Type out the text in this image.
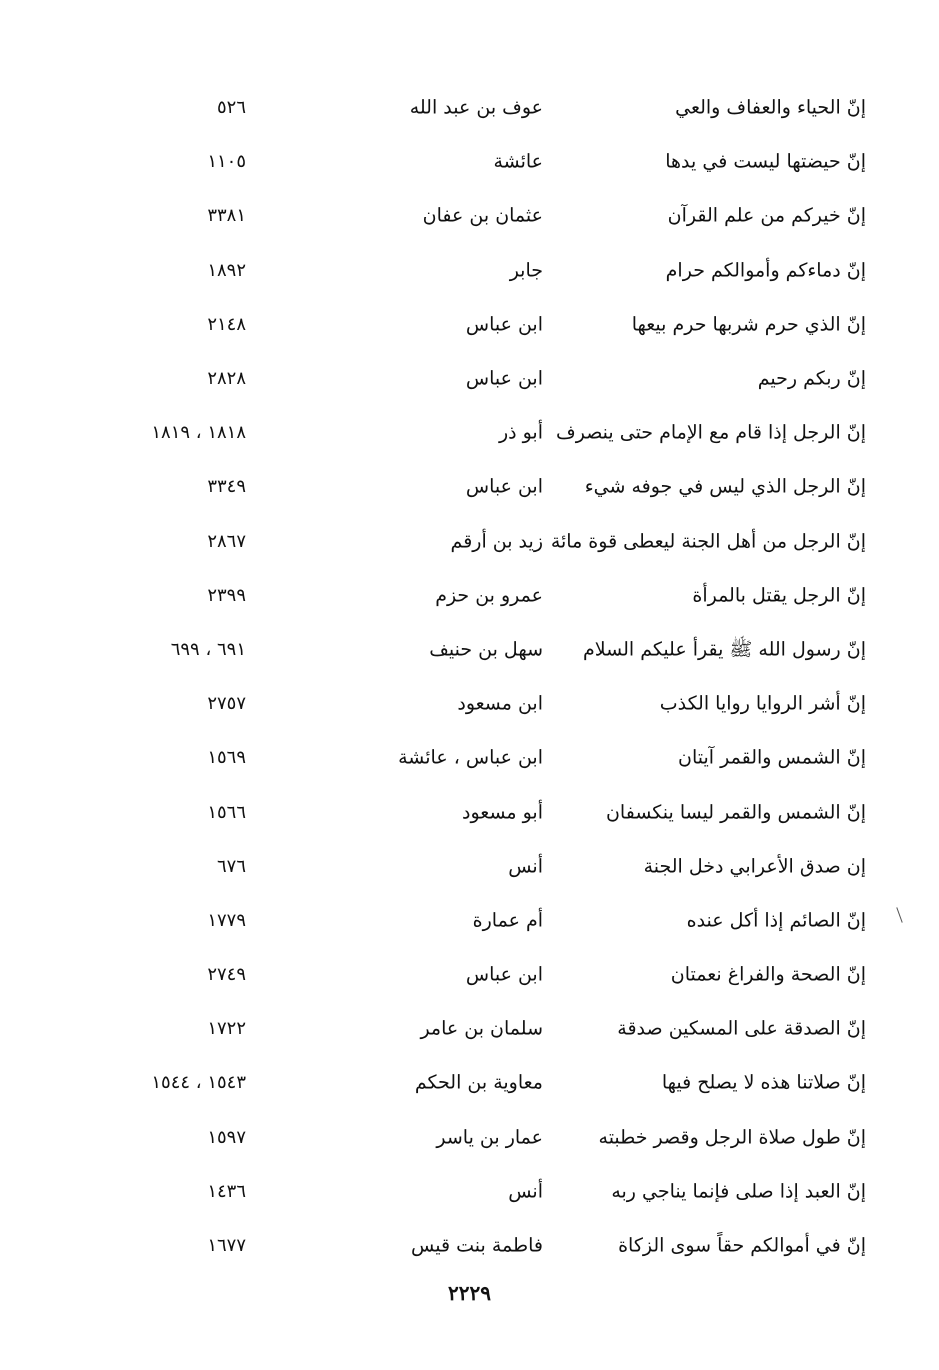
إنّ الحياء والعفاف والعي
عوف بن عبد الله
٥٢٦
إنّ حيضتها ليست في يدها
عائشة
١١٠٥
إنّ خيركم من علم القرآن
عثمان بن عفان
٣٣٨١
إنّ دماءكم وأموالكم حرام
جابر
١٨٩٢
إنّ الذي حرم شربها حرم بيعها
ابن عباس
٢١٤٨
إنّ ربكم رحيم
ابن عباس
٢٨٢٨
إنّ الرجل إذا قام مع الإمام حتى ينصرف
أبو ذر
١٨١٨ ، ١٨١٩
إنّ الرجل الذي ليس في جوفه شيء
ابن عباس
٣٣٤٩
إنّ الرجل من أهل الجنة ليعطى قوة مائة
زيد بن أرقم
٢٨٦٧
إنّ الرجل يقتل بالمرأة
عمرو بن حزم
٢٣٩٩
إنّ رسول الله ﷺ يقرأ عليكم السلام
سهل بن حنيف
٦٩١ ، ٦٩٩
إنّ أشر الروايا روايا الكذب
ابن مسعود
٢٧٥٧
إنّ الشمس والقمر آيتان
ابن عباس ، عائشة
١٥٦٩
إنّ الشمس والقمر ليسا ينكسفان
أبو مسعود
١٥٦٦
إن صدق الأعرابي دخل الجنة
أنس
٦٧٦
إنّ الصائم إذا أكل عنده
أم عمارة
١٧٧٩
إنّ الصحة والفراغ نعمتان
ابن عباس
٢٧٤٩
إنّ الصدقة على المسكين صدقة
سلمان بن عامر
١٧٢٢
إنّ صلاتنا هذه لا يصلح فيها
معاوية بن الحكم
١٥٤٣ ، ١٥٤٤
إنّ طول صلاة الرجل وقصر خطبته
عمار بن ياسر
١٥٩٧
إنّ العبد إذا صلى فإنما يناجي ربه
أنس
١٤٣٦
إنّ في أموالكم حقاً سوى الزكاة
فاطمة بنت قيس
١٦٧٧
٢٢٢٩
